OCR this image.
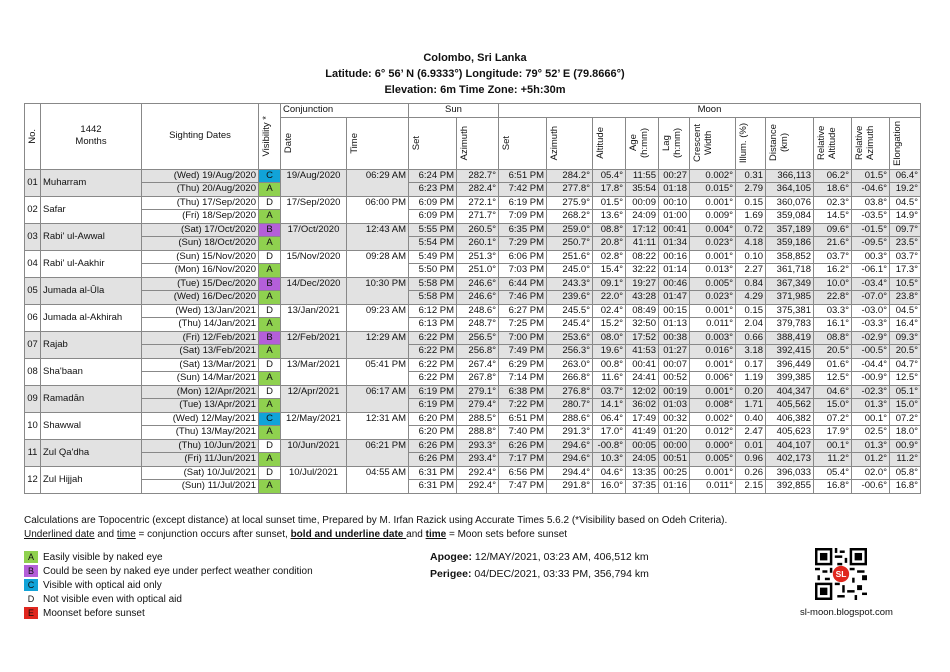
Colombo, Sri Lanka
Latitude: 6° 56’ N (6.9333°) Longitude: 79° 52’ E (79.8666°)
Elevation: 6m Time Zone: +5h:30m
No.	1442
Months	Sighting Dates	Visibility *	Conjunction		Sun		Moon										

				Date	Time	Set	Azimuth	Set	Azimuth	Altitude	Age (h:mm)	Lag (h:mm)	Crescent Width	Illum. (%)	Distance (km)	Relative Altitude	Relative Azimuth	Elongation

01	Muharram	(Wed) 19/Aug/2020	C	19/Aug/2020	06:29 AM	6:24 PM	282.7°	6:51 PM	284.2°	05.4°	11:55	00:27	0.002°	0.31	366,113	06.2°	01.5°	06.4°
		(Thu) 20/Aug/2020	A			6:23 PM	282.4°	7:42 PM	277.8°	17.8°	35:54	01:18	0.015°	2.79	364,105	18.6°	-04.6°	19.2°
02	Safar	(Thu) 17/Sep/2020	D	17/Sep/2020	06:00 PM	6:09 PM	272.1°	6:19 PM	275.9°	01.5°	00:09	00:10	0.001°	0.15	360,076	02.3°	03.8°	04.5°
		(Fri) 18/Sep/2020	A			6:09 PM	271.7°	7:09 PM	268.2°	13.6°	24:09	01:00	0.009°	1.69	359,084	14.5°	-03.5°	14.9°
03	Rabi' ul-Awwal	(Sat) 17/Oct/2020	B	17/Oct/2020	12:43 AM	5:55 PM	260.5°	6:35 PM	259.0°	08.8°	17:12	00:41	0.004°	0.72	357,189	09.6°	-01.5°	09.7°
		(Sun) 18/Oct/2020	A			5:54 PM	260.1°	7:29 PM	250.7°	20.8°	41:11	01:34	0.023°	4.18	359,186	21.6°	-09.5°	23.5°
04	Rabi' ul-Aakhir	(Sun) 15/Nov/2020	D	15/Nov/2020	09:28 AM	5:49 PM	251.3°	6:06 PM	251.6°	02.8°	08:22	00:16	0.001°	0.10	358,852	03.7°	00.3°	03.7°
		(Mon) 16/Nov/2020	A			5:50 PM	251.0°	7:03 PM	245.0°	15.4°	32:22	01:14	0.013°	2.27	361,718	16.2°	-06.1°	17.3°
05	Jumada al-Ūla	(Tue) 15/Dec/2020	B	14/Dec/2020	10:30 PM	5:58 PM	246.6°	6:44 PM	243.3°	09.1°	19:27	00:46	0.005°	0.84	367,349	10.0°	-03.4°	10.5°
		(Wed) 16/Dec/2020	A			5:58 PM	246.6°	7:46 PM	239.6°	22.0°	43:28	01:47	0.023°	4.29	371,985	22.8°	-07.0°	23.8°
06	Jumada al-Akhirah	(Wed) 13/Jan/2021	D	13/Jan/2021	09:23 AM	6:12 PM	248.6°	6:27 PM	245.5°	02.4°	08:49	00:15	0.001°	0.15	375,381	03.3°	-03.0°	04.5°
		(Thu) 14/Jan/2021	A			6:13 PM	248.7°	7:25 PM	245.4°	15.2°	32:50	01:13	0.011°	2.04	379,783	16.1°	-03.3°	16.4°
07	Rajab	(Fri) 12/Feb/2021	B	12/Feb/2021	12:29 AM	6:22 PM	256.5°	7:00 PM	253.6°	08.0°	17:52	00:38	0.003°	0.66	388,419	08.8°	-02.9°	09.3°
		(Sat) 13/Feb/2021	A			6:22 PM	256.8°	7:49 PM	256.3°	19.6°	41:53	01:27	0.016°	3.18	392,415	20.5°	-00.5°	20.5°
08	Sha'baan	(Sat) 13/Mar/2021	D	13/Mar/2021	05:41 PM	6:22 PM	267.4°	6:29 PM	263.0°	00.8°	00:41	00:07	0.001°	0.17	396,449	01.6°	-04.4°	04.7°
		(Sun) 14/Mar/2021	A			6:22 PM	267.8°	7:14 PM	266.8°	11.6°	24:41	00:52	0.006°	1.19	399,385	12.5°	-00.9°	12.5°
09	Ramadān	(Mon) 12/Apr/2021	D	12/Apr/2021	06:17 AM	6:19 PM	279.1°	6:38 PM	276.8°	03.7°	12:02	00:19	0.001°	0.20	404,347	04.6°	-02.3°	05.1°
		(Tue) 13/Apr/2021	A			6:19 PM	279.4°	7:22 PM	280.7°	14.1°	36:02	01:03	0.008°	1.71	405,562	15.0°	01.3°	15.0°
10	Shawwal	(Wed) 12/May/2021	C	12/May/2021	12:31 AM	6:20 PM	288.5°	6:51 PM	288.6°	06.4°	17:49	00:32	0.002°	0.40	406,382	07.2°	00.1°	07.2°
		(Thu) 13/May/2021	A			6:20 PM	288.8°	7:40 PM	291.3°	17.0°	41:49	01:20	0.012°	2.47	405,623	17.9°	02.5°	18.0°
11	Zul Qa'dha	(Thu) 10/Jun/2021	D	10/Jun/2021	06:21 PM	6:26 PM	293.3°	6:26 PM	294.6°	-00.8°	00:05	00:00	0.000°	0.01	404,107	00.1°	01.3°	00.9°
		(Fri) 11/Jun/2021	A			6:26 PM	293.4°	7:17 PM	294.6°	10.3°	24:05	00:51	0.005°	0.96	402,173	11.2°	01.2°	11.2°
12	Zul Hijjah	(Sat) 10/Jul/2021	D	10/Jul/2021	04:55 AM	6:31 PM	292.4°	6:56 PM	294.4°	04.6°	13:35	00:25	0.001°	0.26	396,033	05.4°	02.0°	05.8°
		(Sun) 11/Jul/2021	A			6:31 PM	292.4°	7:47 PM	291.8°	16.0°	37:35	01:16	0.011°	2.15	392,855	16.8°	-00.6°	16.8°
Calculations are Topocentric (except distance) at local sunset time, Prepared by M. Irfan Razick using Accurate Times 5.6.2 (*Visibility based on Odeh Criteria).
Underlined date and time = conjunction occurs after sunset, bold and underline date and time = Moon sets before sunset
A Easily visible by naked eye
B Could be seen by naked eye under perfect weather condition
C Visible with optical aid only
D Not visible even with optical aid
E Moonset before sunset
Apogee: 12/MAY/2021, 03:23 AM, 406,512 km
Perigee: 04/DEC/2021, 03:33 PM, 356,794 km	SL
sl-moon.blogspot.com
